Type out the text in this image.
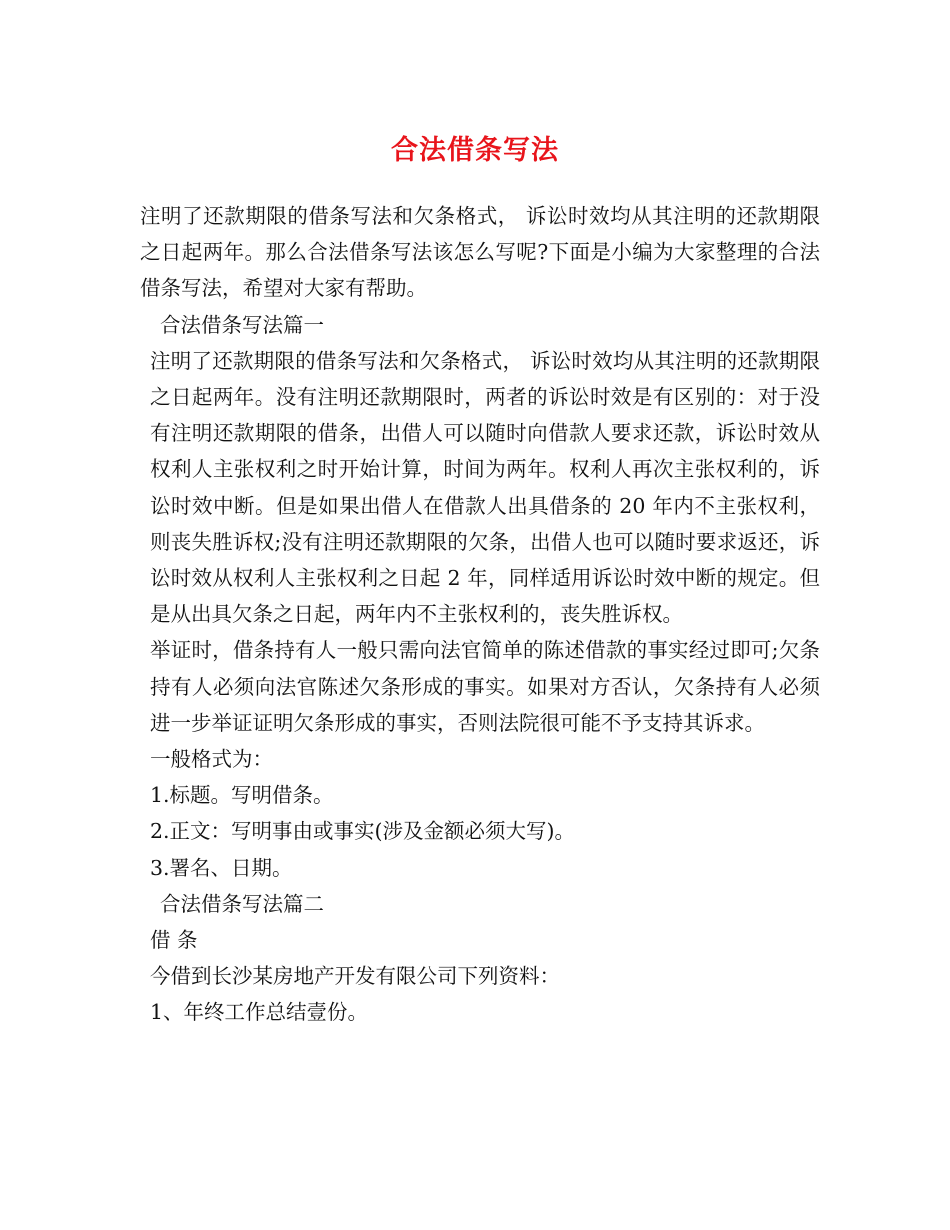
合法借条写法

注明了还款期限的借条写法和欠条格式， 诉讼时效均从其注明的还款期限之日起两年。那么合法借条写法该怎么写呢?下面是小编为大家整理的合法借条写法，希望对大家有帮助。

合法借条写法篇一

注明了还款期限的借条写法和欠条格式， 诉讼时效均从其注明的还款期限之日起两年。没有注明还款期限时，两者的诉讼时效是有区别的：对于没有注明还款期限的借条，出借人可以随时向借款人要求还款，诉讼时效从权利人主张权利之时开始计算，时间为两年。权利人再次主张权利的，诉讼时效中断。但是如果出借人在借款人出具借条的 20 年内不主张权利，则丧失胜诉权;没有注明还款期限的欠条，出借人也可以随时要求返还，诉讼时效从权利人主张权利之日起 2 年，同样适用诉讼时效中断的规定。但是从出具欠条之日起，两年内不主张权利的，丧失胜诉权。

举证时，借条持有人一般只需向法官简单的陈述借款的事实经过即可;欠条持有人必须向法官陈述欠条形成的事实。如果对方否认，欠条持有人必须进一步举证证明欠条形成的事实，否则法院很可能不予支持其诉求。

一般格式为：

1.标题。写明借条。

2.正文：写明事由或事实(涉及金额必须大写)。

3.署名、日期。

合法借条写法篇二

借 条

今借到长沙某房地产开发有限公司下列资料：

1、年终工作总结壹份。
